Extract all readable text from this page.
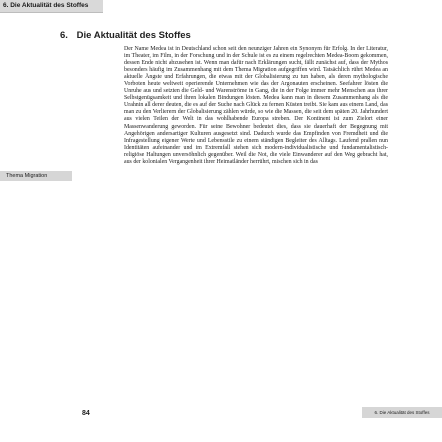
6. Die Aktualität des Stoffes
6. Die Aktualität des Stoffes
Thema Migration
Der Name Medea ist in Deutschland schon seit den neunziger Jahren ein Synonym für Erfolg. In der Literatur, im Theater, im Film, in der Forschung und in der Schule ist es zu einem regelrechten Medea-Boom gekommen, dessen Ende nicht abzusehen ist. Wenn man dafür nach Erklärungen sucht, fällt zunächst auf, dass der Mythos besonders häufig im Zusammenhang mit dem Thema Migration aufgegriffen wird. Tatsächlich rührt Medea an aktuelle Ängste und Erfahrungen, die etwas mit der Globalisierung zu tun haben, als deren mythologische Vorboten heute weltweit operierende Unternehmen wie das der Argonauten erscheinen. Seefahrer lösten die Unruhe aus und setzten die Geld- und Warenströme in Gang, die in der Folge immer mehr Menschen aus ihrer Selbstgenügsamkeit und ihren lokalen Bindungen lösten. Medea kann man in diesem Zusammenhang als die Urahnin all derer deuten, die es auf der Suche nach Glück zu fernen Küsten treibt. Sie kam aus einem Land, das man zu den Verlierern der Globalisierung zählen würde, so wie die Massen, die seit dem späten 20. Jahrhundert aus vielen Teilen der Welt in das wohlhabende Europa streben. Der Kontinent ist zum Zielort einer Massenwanderung geworden. Für seine Bewohner bedeutet dies, dass sie dauerhaft der Begegnung mit Angehörigen andersartiger Kulturen ausgesetzt sind. Dadurch wurde das Empfinden von Fremdheit und die Infragestellung eigener Werte und Lebensstile zu einem ständigen Begleiter des Alltags. Laufend prallen nun Identitäten aufeinander und im Extremfall stehen sich modern-individualistische und fundamentalistisch-religiöse Haltungen unversöhnlich gegenüber. Weil die Not, die viele Einwanderer auf den Weg gebracht hat, aus der kolonialen Vergangenheit ihrer Heimatländer herrührt, mischen sich in das
84	6. Die Aktualität des Stoffes
